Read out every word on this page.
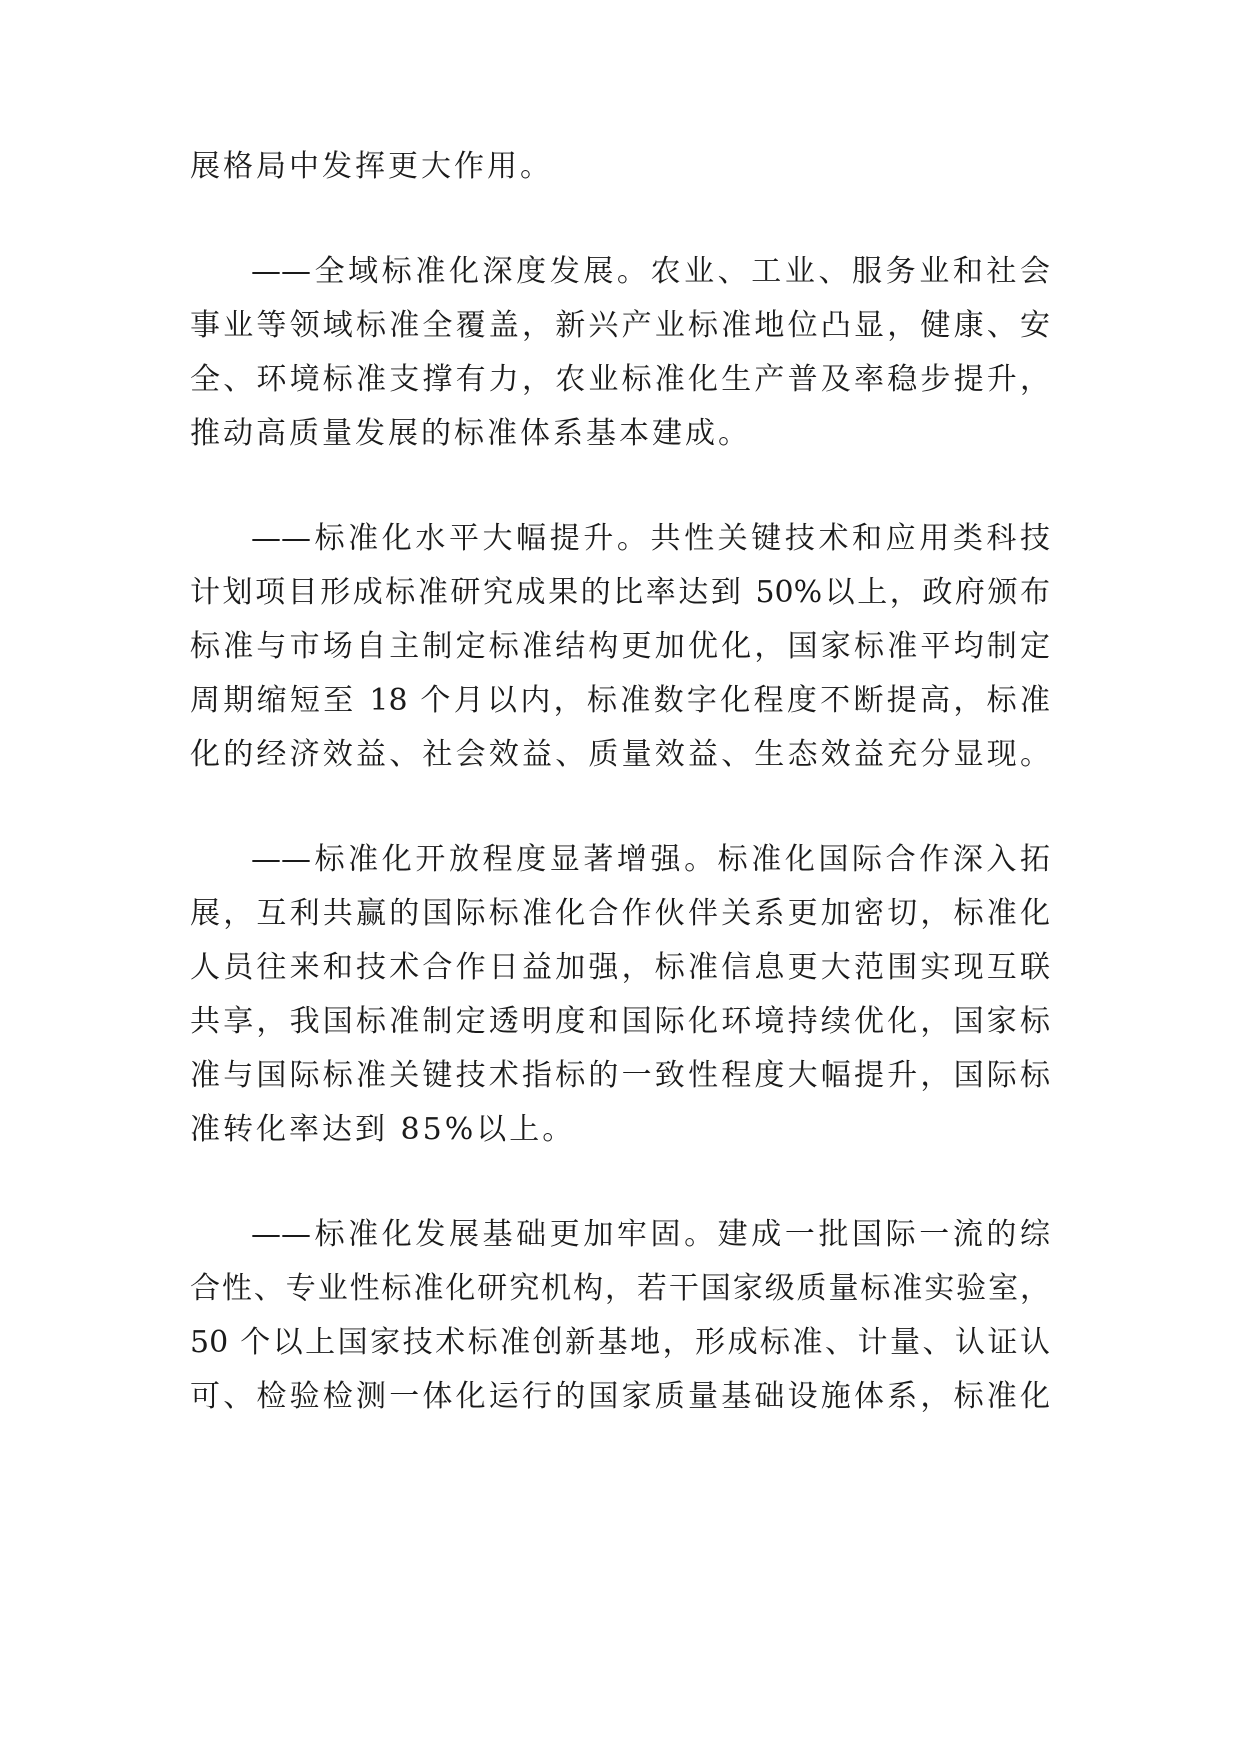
展格局中发挥更大作用。
——全域标准化深度发展。农业、工业、服务业和社会
事业等领域标准全覆盖，新兴产业标准地位凸显，健康、安
全、环境标准支撑有力，农业标准化生产普及率稳步提升，
推动高质量发展的标准体系基本建成。
——标准化水平大幅提升。共性关键技术和应用类科技
计划项目形成标准研究成果的比率达到 50%以上，政府颁布
标准与市场自主制定标准结构更加优化，国家标准平均制定
周期缩短至 18 个月以内，标准数字化程度不断提高，标准
化的经济效益、社会效益、质量效益、生态效益充分显现。
——标准化开放程度显著增强。标准化国际合作深入拓
展，互利共赢的国际标准化合作伙伴关系更加密切，标准化
人员往来和技术合作日益加强，标准信息更大范围实现互联
共享，我国标准制定透明度和国际化环境持续优化，国家标
准与国际标准关键技术指标的一致性程度大幅提升，国际标
准转化率达到 85%以上。
——标准化发展基础更加牢固。建成一批国际一流的综
合性、专业性标准化研究机构，若干国家级质量标准实验室，
50 个以上国家技术标准创新基地，形成标准、计量、认证认
可、检验检测一体化运行的国家质量基础设施体系，标准化
